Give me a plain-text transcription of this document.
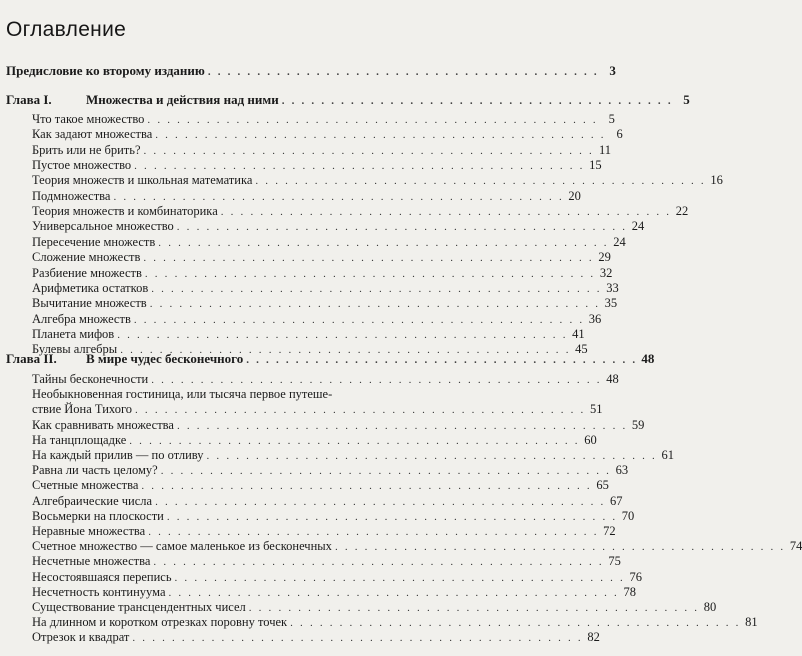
Оглавление
Предисловие ко второму изданию . . . . . . . . . . . . . . . . . . . . . . . . . . . . . . . . . . . . . . . . 3
Глава I.	Множества и действия над ними . . . . . . . . . . . . . . . . . . . . . . . . . . . . . . . . . . . . . . . . 5
Что такое множество . . . . . . . . . . . . . . . . . . . . . . . . . . . . . . . . . . . . . . . . . . . . . . 5
Как задают множества . . . . . . . . . . . . . . . . . . . . . . . . . . . . . . . . . . . . . . . . . . . . . . 6
Брить или не брить? . . . . . . . . . . . . . . . . . . . . . . . . . . . . . . . . . . . . . . . . . . . . . . 11
Пустое множество . . . . . . . . . . . . . . . . . . . . . . . . . . . . . . . . . . . . . . . . . . . . . . 15
Теория множеств и школьная математика . . . . . . . . . . . . . . . . . . . . . . . . . . . . . . . . . . . . . . . . . . . . . . 16
Подмножества . . . . . . . . . . . . . . . . . . . . . . . . . . . . . . . . . . . . . . . . . . . . . . 20
Теория множеств и комбинаторика . . . . . . . . . . . . . . . . . . . . . . . . . . . . . . . . . . . . . . . . . . . . . . 22
Универсальное множество . . . . . . . . . . . . . . . . . . . . . . . . . . . . . . . . . . . . . . . . . . . . . . 24
Пересечение множеств . . . . . . . . . . . . . . . . . . . . . . . . . . . . . . . . . . . . . . . . . . . . . . 24
Сложение множеств . . . . . . . . . . . . . . . . . . . . . . . . . . . . . . . . . . . . . . . . . . . . . . 29
Разбиение множеств . . . . . . . . . . . . . . . . . . . . . . . . . . . . . . . . . . . . . . . . . . . . . . 32
Арифметика остатков . . . . . . . . . . . . . . . . . . . . . . . . . . . . . . . . . . . . . . . . . . . . . . 33
Вычитание множеств . . . . . . . . . . . . . . . . . . . . . . . . . . . . . . . . . . . . . . . . . . . . . . 35
Алгебра множеств . . . . . . . . . . . . . . . . . . . . . . . . . . . . . . . . . . . . . . . . . . . . . . 36
Планета мифов . . . . . . . . . . . . . . . . . . . . . . . . . . . . . . . . . . . . . . . . . . . . . . 41
Булевы алгебры . . . . . . . . . . . . . . . . . . . . . . . . . . . . . . . . . . . . . . . . . . . . . . 45
Глава II. В мире чудес бесконечного . . . . . . . . . . . . . . . . . . . . . . . . . . . . . . . . . . . . . . . . 48
Тайны бесконечности . . . . . . . . . . . . . . . . . . . . . . . . . . . . . . . . . . . . . . . . . . . . . . 48
Необыкновенная гостиница, или тысяча первое путеше-
ствие Йона Тихого . . . . . . . . . . . . . . . . . . . . . . . . . . . . . . . . . . . . . . . . . . . . . . 51
Как сравнивать множества . . . . . . . . . . . . . . . . . . . . . . . . . . . . . . . . . . . . . . . . . . . . . . 59
На танцплощадке . . . . . . . . . . . . . . . . . . . . . . . . . . . . . . . . . . . . . . . . . . . . . . 60
На каждый прилив — по отливу . . . . . . . . . . . . . . . . . . . . . . . . . . . . . . . . . . . . . . . . . . . . . . 61
Равна ли часть целому? . . . . . . . . . . . . . . . . . . . . . . . . . . . . . . . . . . . . . . . . . . . . . . 63
Счетные множества . . . . . . . . . . . . . . . . . . . . . . . . . . . . . . . . . . . . . . . . . . . . . . 65
Алгебраические числа . . . . . . . . . . . . . . . . . . . . . . . . . . . . . . . . . . . . . . . . . . . . . . 67
Восьмерки на плоскости . . . . . . . . . . . . . . . . . . . . . . . . . . . . . . . . . . . . . . . . . . . . . . 70
Неравные множества . . . . . . . . . . . . . . . . . . . . . . . . . . . . . . . . . . . . . . . . . . . . . . 72
Счетное множество — самое маленькое из бесконечных . . . . . . . . . . . . . . . . . . . . . . . . . . . . . . . . . . . . . . . . . . . . . . 74
Несчетные множества . . . . . . . . . . . . . . . . . . . . . . . . . . . . . . . . . . . . . . . . . . . . . . 75
Несостоявшаяся перепись . . . . . . . . . . . . . . . . . . . . . . . . . . . . . . . . . . . . . . . . . . . . . . 76
Несчетность континуума . . . . . . . . . . . . . . . . . . . . . . . . . . . . . . . . . . . . . . . . . . . . . . 78
Существование трансцендентных чисел . . . . . . . . . . . . . . . . . . . . . . . . . . . . . . . . . . . . . . . . . . . . . . 80
На длинном и коротком отрезках поровну точек . . . . . . . . . . . . . . . . . . . . . . . . . . . . . . . . . . . . . . . . . . . . . . 81
Отрезок и квадрат . . . . . . . . . . . . . . . . . . . . . . . . . . . . . . . . . . . . . . . . . . . . . . 82
